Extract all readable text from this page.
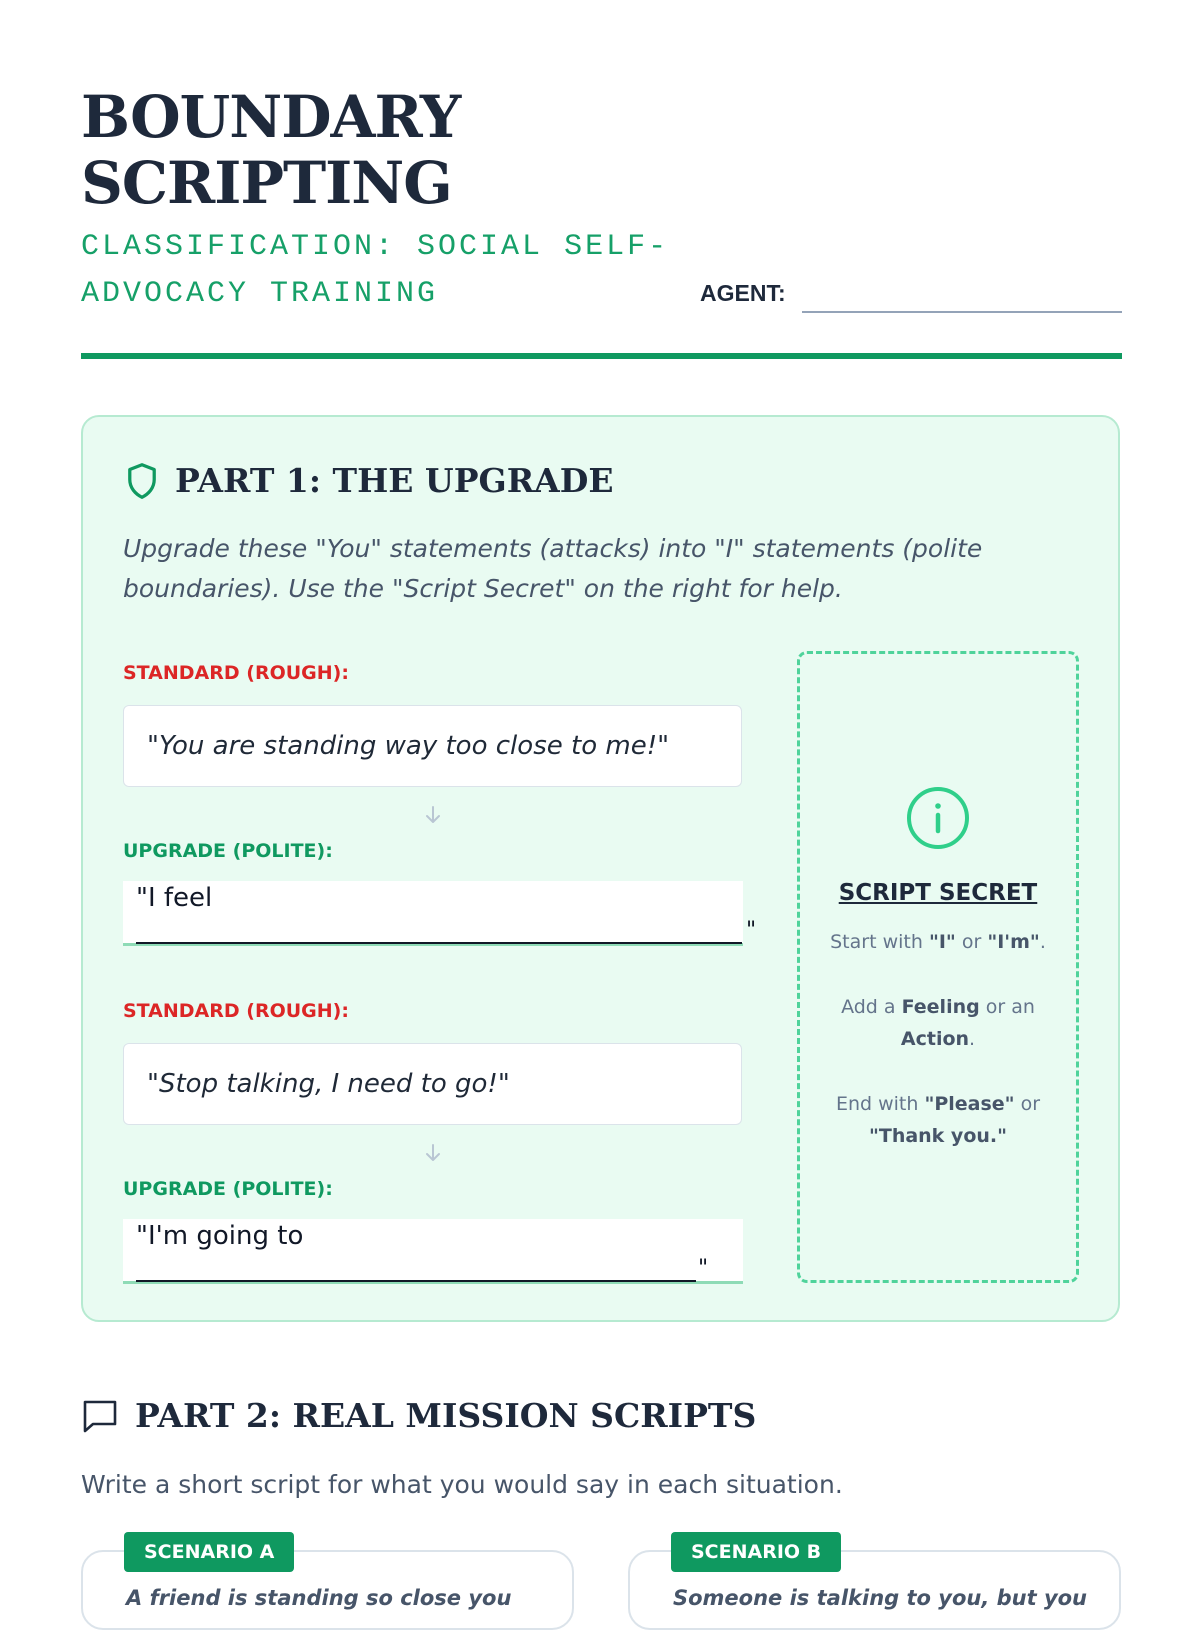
BOUNDARY
SCRIPTING
CLASSIFICATION: SOCIAL SELF-ADVOCACY TRAINING	AGENT:
PART 1: THE UPGRADE
Upgrade these "You" statements (attacks) into "I" statements (polite boundaries). Use the "Script Secret" on the right for help.
STANDARD (ROUGH):
"You are standing way too close to me!"
UPGRADE (POLITE):
"I feel
"
STANDARD (ROUGH):
"Stop talking, I need to go!"
UPGRADE (POLITE):
"I'm going to
"
SCRIPT SECRET
Start with "I" or "I'm".
Add a Feeling or an Action.
End with "Please" or "Thank you."
PART 2: REAL MISSION SCRIPTS
Write a short script for what you would say in each situation.
SCENARIO A
A friend is standing so close you
SCENARIO B
Someone is talking to you, but you
